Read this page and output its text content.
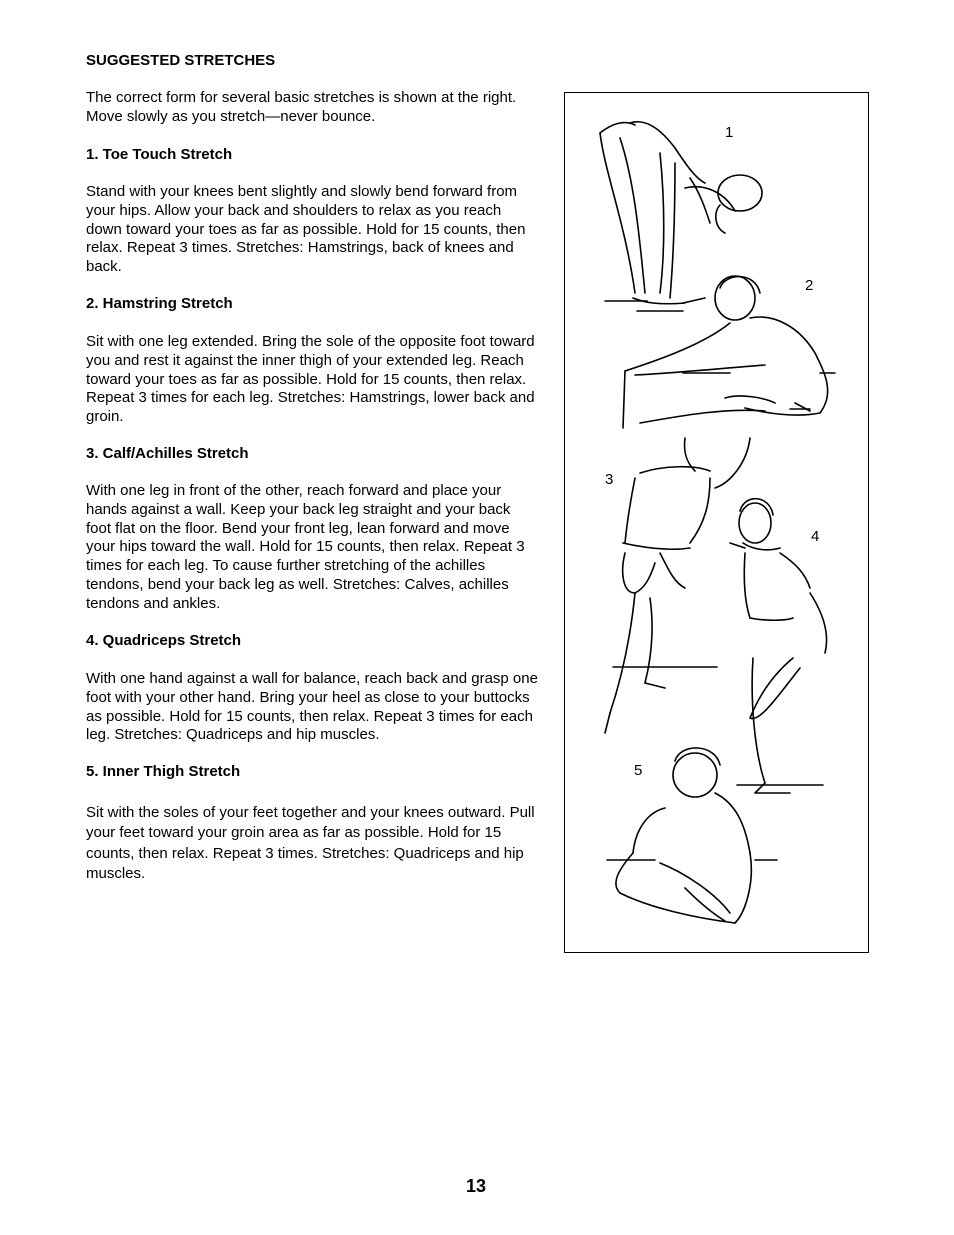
SUGGESTED STRETCHES
The correct form for several basic stretches is shown at the right. Move slowly as you stretch—never bounce.
1. Toe Touch Stretch
Stand with your knees bent slightly and slowly bend forward from your hips. Allow your back and shoulders to relax as you reach down toward your toes as far as possible. Hold for 15 counts, then relax. Repeat 3 times. Stretches: Hamstrings, back of knees and back.
2. Hamstring Stretch
Sit with one leg extended. Bring the sole of the opposite foot toward you and rest it against the inner thigh of your extended leg. Reach toward your toes as far as possible. Hold for 15 counts, then relax. Repeat 3 times for each leg. Stretches: Hamstrings, lower back and groin.
3. Calf/Achilles Stretch
With one leg in front of the other, reach forward and place your hands against a wall. Keep your back leg straight and your back foot flat on the floor. Bend your front leg, lean forward and move your hips toward the wall. Hold for 15 counts, then relax. Repeat 3 times for each leg. To cause further stretching of the achilles tendons, bend your back leg as well. Stretches: Calves, achilles tendons and ankles.
4. Quadriceps Stretch
With one hand against a wall for balance, reach back and grasp one foot with your other hand. Bring your heel as close to your buttocks as possible. Hold for 15 counts, then relax. Repeat 3 times for each leg. Stretches: Quadriceps and hip muscles.
5. Inner Thigh Stretch
Sit with the soles of your feet together and your knees outward. Pull your feet toward your groin area as far as possible. Hold for 15 counts, then relax. Repeat 3 times. Stretches: Quadriceps and hip muscles.
1
2
3
4
5
13
